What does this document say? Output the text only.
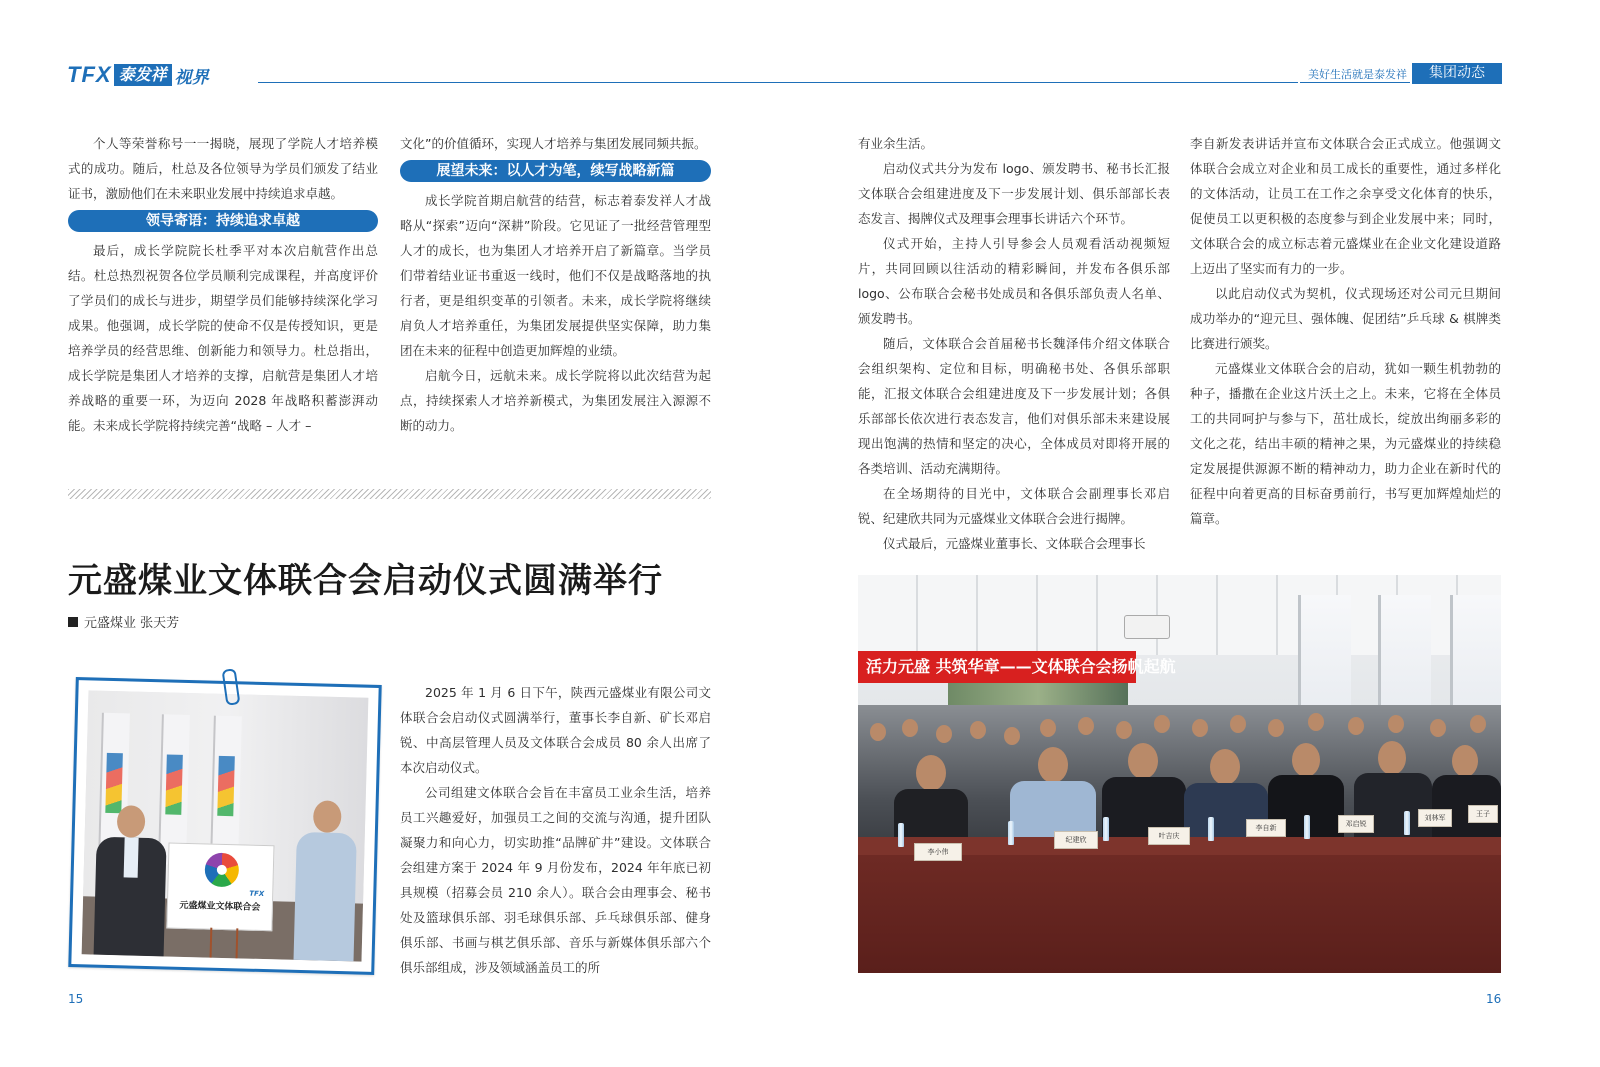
TFX 泰发祥 视界	美好生活就是泰发祥	集团动态

个人等荣誉称号一一揭晓，展现了学院人才培养模式的成功。随后，杜总及各位领导为学员们颁发了结业证书，激励他们在未来职业发展中持续追求卓越。

领导寄语：持续追求卓越

最后，成长学院院长杜季平对本次启航营作出总结。杜总热烈祝贺各位学员顺利完成课程，并高度评价了学员们的成长与进步，期望学员们能够持续深化学习成果。他强调，成长学院的使命不仅是传授知识，更是培养学员的经营思维、创新能力和领导力。杜总指出，成长学院是集团人才培养的支撑，启航营是集团人才培养战略的重要一环，为迈向 2028 年战略积蓄澎湃动能。未来成长学院将持续完善“战略 – 人才 –

文化”的价值循环，实现人才培养与集团发展同频共振。

展望未来：以人才为笔，续写战略新篇

成长学院首期启航营的结营，标志着泰发祥人才战略从“探索”迈向“深耕”阶段。它见证了一批经营管理型人才的成长，也为集团人才培养开启了新篇章。当学员们带着结业证书重返一线时，他们不仅是战略落地的执行者，更是组织变革的引领者。未来，成长学院将继续肩负人才培养重任，为集团发展提供坚实保障，助力集团在未来的征程中创造更加辉煌的业绩。

启航今日，远航未来。成长学院将以此次结营为起点，持续探索人才培养新模式，为集团发展注入源源不断的动力。

元盛煤业文体联合会启动仪式圆满举行
元盛煤业 张天芳
TFX
元盛煤业文体联合会

2025 年 1 月 6 日下午，陕西元盛煤业有限公司文体联合会启动仪式圆满举行，董事长李自新、矿长邓启锐、中高层管理人员及文体联合会成员 80 余人出席了本次启动仪式。

公司组建文体联合会旨在丰富员工业余生活，培养员工兴趣爱好，加强员工之间的交流与沟通，提升团队凝聚力和向心力，切实助推“品牌矿井”建设。文体联合会组建方案于 2024 年 9 月份发布，2024 年年底已初具规模（招募会员 210 余人）。联合会由理事会、秘书处及篮球俱乐部、羽毛球俱乐部、乒乓球俱乐部、健身俱乐部、书画与棋艺俱乐部、音乐与新媒体俱乐部六个俱乐部组成，涉及领域涵盖员工的所

有业余生活。

启动仪式共分为发布 logo、颁发聘书、秘书长汇报文体联合会组建进度及下一步发展计划、俱乐部部长表态发言、揭牌仪式及理事会理事长讲话六个环节。

仪式开始，主持人引导参会人员观看活动视频短片，共同回顾以往活动的精彩瞬间，并发布各俱乐部 logo、公布联合会秘书处成员和各俱乐部负责人名单、颁发聘书。

随后，文体联合会首届秘书长魏泽伟介绍文体联合会组织架构、定位和目标，明确秘书处、各俱乐部职能，汇报文体联合会组建进度及下一步发展计划；各俱乐部部长依次进行表态发言，他们对俱乐部未来建设展现出饱满的热情和坚定的决心，全体成员对即将开展的各类培训、活动充满期待。

在全场期待的目光中，文体联合会副理事长邓启锐、纪建欣共同为元盛煤业文体联合会进行揭牌。

仪式最后，元盛煤业董事长、文体联合会理事长

李自新发表讲话并宣布文体联合会正式成立。他强调文体联合会成立对企业和员工成长的重要性，通过多样化的文体活动，让员工在工作之余享受文化体育的快乐，促使员工以更积极的态度参与到企业发展中来；同时，文体联合会的成立标志着元盛煤业在企业文化建设道路上迈出了坚实而有力的一步。

以此启动仪式为契机，仪式现场还对公司元旦期间成功举办的“迎元旦、强体魄、促团结”乒乓球 & 棋牌类比赛进行颁奖。

元盛煤业文体联合会的启动，犹如一颗生机勃勃的种子，播撒在企业这片沃土之上。未来，它将在全体员工的共同呵护与参与下，茁壮成长，绽放出绚丽多彩的文化之花，结出丰硕的精神之果，为元盛煤业的持续稳定发展提供源源不断的精神动力，助力企业在新时代的征程中向着更高的目标奋勇前行，书写更加辉煌灿烂的篇章。

活力元盛 共筑华章——文体联合会扬帆起航
李小伟
纪建欣	叶吉庆
李自新	邓启锐
刘林军	王子
15	16
